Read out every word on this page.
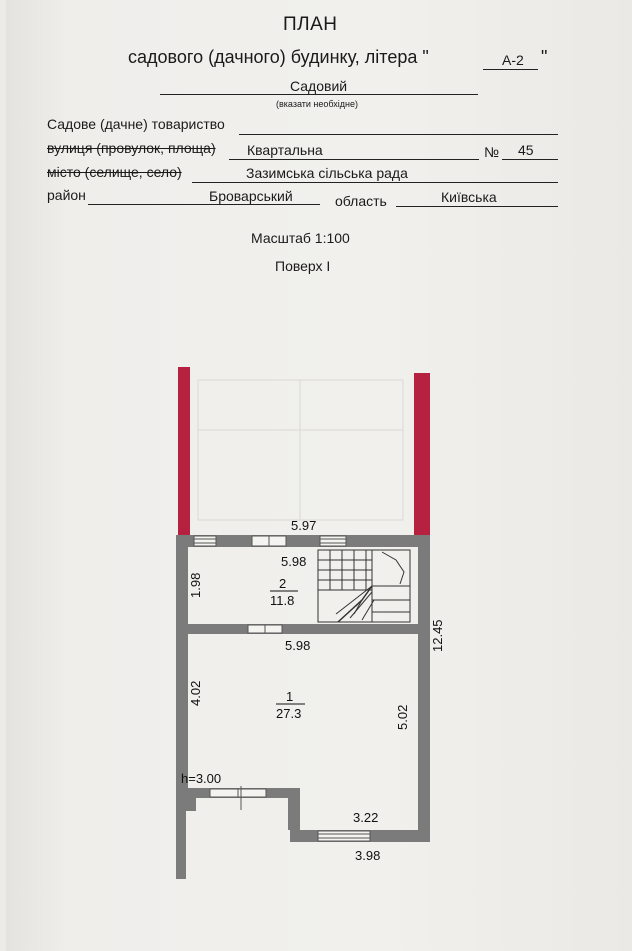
ПЛАН
садового (дачного) будинку, літера "	А-2 "
Садовий
(вказати необхідне)
Садове (дачне) товариство
вулиця (провулок, площа) Квартальна	№ 45
місто (селище, село)	Зазимська сільська рада
район	Броварський	область	Київська
Масштаб 1:100
Поверх І
5.97
5.98
5.98
1.98
4.02
12.45
5.02
3.22
3.98
h=3.00
2
11.8
1
27.3
